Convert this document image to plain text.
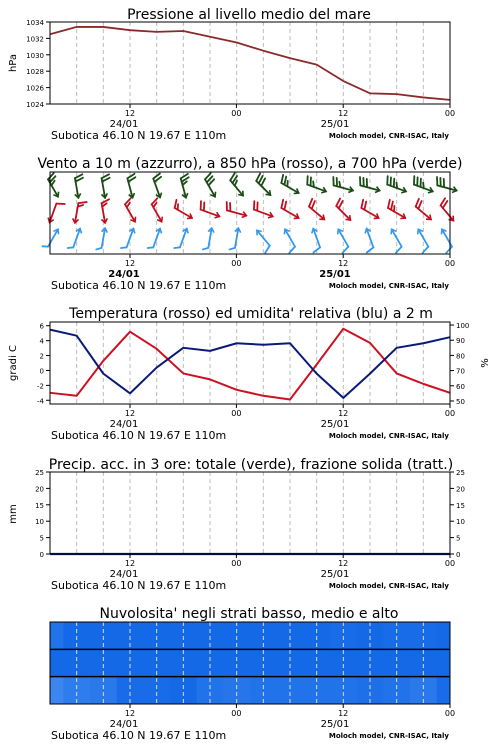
Pressione al livello medio del mare
hPa
1024
1026
1028
1030
1032
1034
12	00	12	00
24/01	25/01
Subotica 46.10 N 19.67 E 110m	Moloch model, CNR-ISAC, Italy
Vento a 10 m (azzurro), a 850 hPa (rosso), a 700 hPa (verde)
12	00	12	00
24/01	25/01
Subotica 46.10 N 19.67 E 110m	Moloch model, CNR-ISAC, Italy
Temperatura (rosso) ed umidita' relativa (blu) a 2 m
gradi C	%
-4
-2
0
2
4
6
50
60
70
80
90
100
12	00	12	00
24/01	25/01
Subotica 46.10 N 19.67 E 110m	Moloch model, CNR-ISAC, Italy
Precip. acc. in 3 ore: totale (verde), frazione solida (tratt.)
mm
0
5
10
15
20
25
0
5
10
15
20
25
12	00	12	00
24/01	25/01
Subotica 46.10 N 19.67 E 110m	Moloch model, CNR-ISAC, Italy
Nuvolosita' negli strati basso, medio e alto
12	00	12	00
24/01	25/01
Subotica 46.10 N 19.67 E 110m	Moloch model, CNR-ISAC, Italy
